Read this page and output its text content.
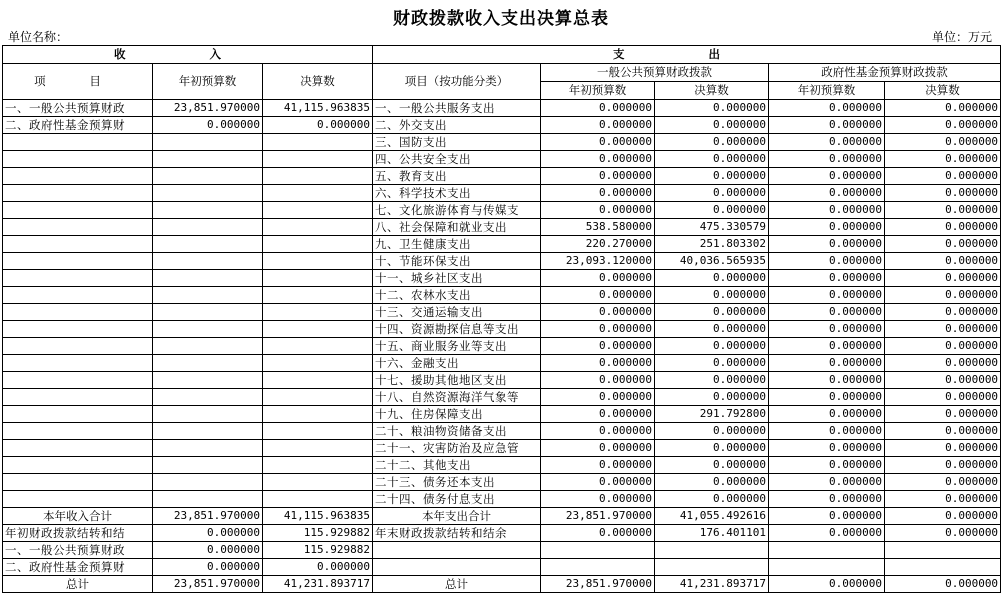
财政拨款收入支出决算总表
单位名称：	单位：万元
收 入			支 出				
项 目	年初预算数	决算数	项目（按功能分类）	一般公共预算财政拨款		政府性基金预算财政拨款	
				年初预算数	决算数	年初预算数	决算数
一、一般公共预算财政	23,851.970000	41,115.963835	一、一般公共服务支出	0.000000	0.000000	0.000000	0.000000
二、政府性基金预算财	0.000000	0.000000	二、外交支出	0.000000	0.000000	0.000000	0.000000
			三、国防支出	0.000000	0.000000	0.000000	0.000000
			四、公共安全支出	0.000000	0.000000	0.000000	0.000000
			五、教育支出	0.000000	0.000000	0.000000	0.000000
			六、科学技术支出	0.000000	0.000000	0.000000	0.000000
			七、文化旅游体育与传媒支	0.000000	0.000000	0.000000	0.000000
			八、社会保障和就业支出	538.580000	475.330579	0.000000	0.000000
			九、卫生健康支出	220.270000	251.803302	0.000000	0.000000
			十、节能环保支出	23,093.120000	40,036.565935	0.000000	0.000000
			十一、城乡社区支出	0.000000	0.000000	0.000000	0.000000
			十二、农林水支出	0.000000	0.000000	0.000000	0.000000
			十三、交通运输支出	0.000000	0.000000	0.000000	0.000000
			十四、资源勘探信息等支出	0.000000	0.000000	0.000000	0.000000
			十五、商业服务业等支出	0.000000	0.000000	0.000000	0.000000
			十六、金融支出	0.000000	0.000000	0.000000	0.000000
			十七、援助其他地区支出	0.000000	0.000000	0.000000	0.000000
			十八、自然资源海洋气象等	0.000000	0.000000	0.000000	0.000000
			十九、住房保障支出	0.000000	291.792800	0.000000	0.000000
			二十、粮油物资储备支出	0.000000	0.000000	0.000000	0.000000
			二十一、灾害防治及应急管	0.000000	0.000000	0.000000	0.000000
			二十二、其他支出	0.000000	0.000000	0.000000	0.000000
			二十三、债务还本支出	0.000000	0.000000	0.000000	0.000000
			二十四、债务付息支出	0.000000	0.000000	0.000000	0.000000
本年收入合计	23,851.970000	41,115.963835	本年支出合计	23,851.970000	41,055.492616	0.000000	0.000000
年初财政拨款结转和结	0.000000	115.929882	年末财政拨款结转和结余	0.000000	176.401101	0.000000	0.000000
一、一般公共预算财政	0.000000	115.929882					
二、政府性基金预算财	0.000000	0.000000					
总计	23,851.970000	41,231.893717	总计	23,851.970000	41,231.893717	0.000000	0.000000
